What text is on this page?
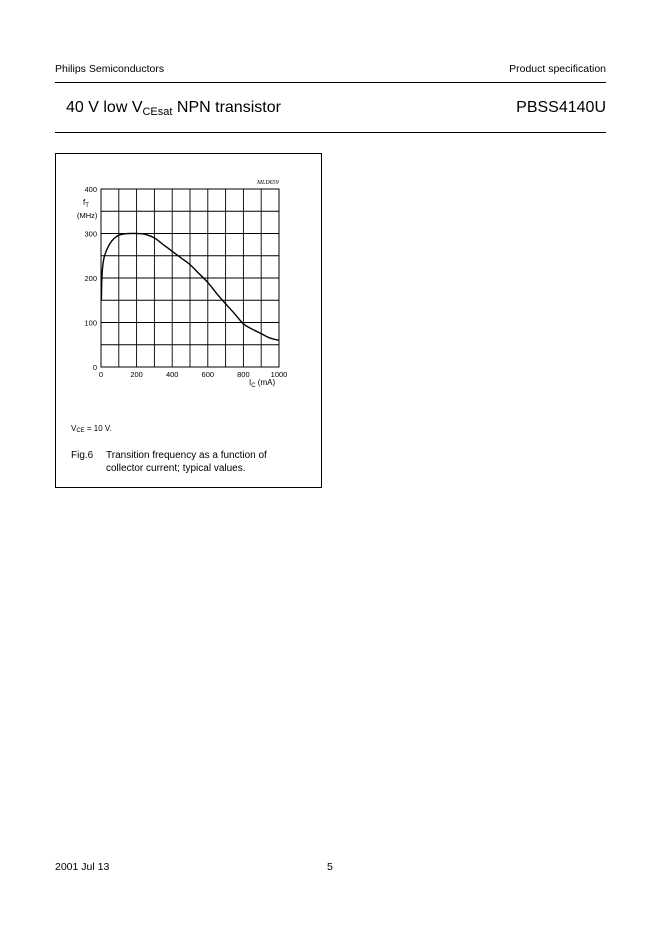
Philips Semiconductors	Product specification
40 V low $V_{CEsat}$ NPN transistor	PBSS4140U
0
100
200
300
400
0	200	400	600	800	1000
$f_T$
(MHz)
$I_C$ (mA)
MLD659
$V_{CE} = 10$ V.
Fig.6 Transition frequency as a function of
collector current; typical values.
2001 Jul 13	5
